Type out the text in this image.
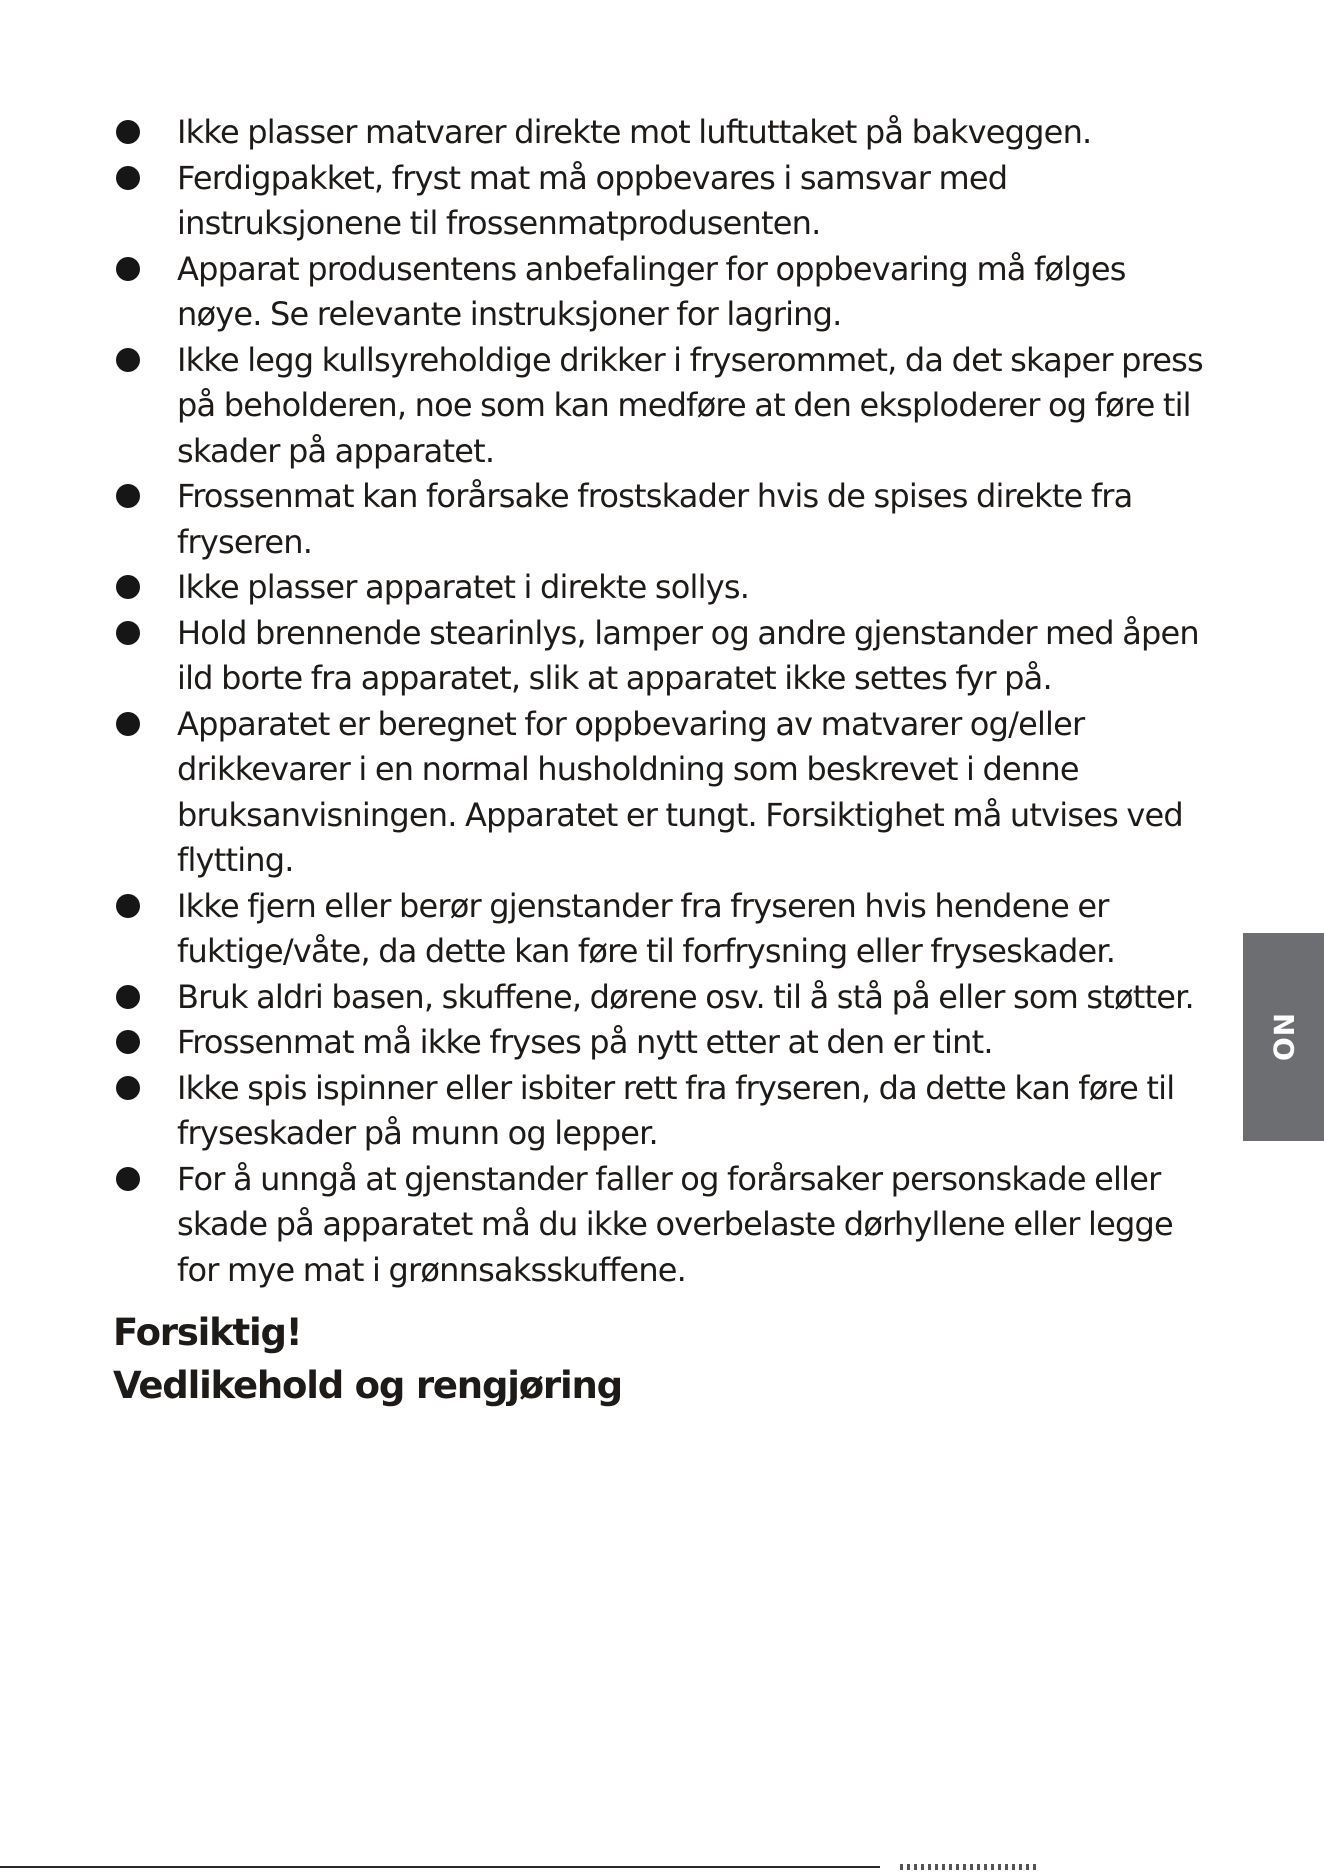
Ikke plasser matvarer direkte mot luftuttaket på bakveggen.
Ferdigpakket, fryst mat må oppbevares i samsvar med instruksjonene til frossenmatprodusenten.
Apparat produsentens anbefalinger for oppbevaring må følges nøye. Se relevante instruksjoner for lagring.
Ikke legg kullsyreholdige drikker i fryserommet, da det skaper press på beholderen, noe som kan medføre at den eksploderer og føre til skader på apparatet.
Frossenmat kan forårsake frostskader hvis de spises direkte fra fryseren.
Ikke plasser apparatet i direkte sollys.
Hold brennende stearinlys, lamper og andre gjenstander med åpen ild borte fra apparatet, slik at apparatet ikke settes fyr på.
Apparatet er beregnet for oppbevaring av matvarer og/eller drikkevarer i en normal husholdning som beskrevet i denne bruksanvisningen. Apparatet er tungt. Forsiktighet må utvises ved flytting.
Ikke fjern eller berør gjenstander fra fryseren hvis hendene er fuktige/våte, da dette kan føre til forfrysning eller fryseskader.
Bruk aldri basen, skuffene, dørene osv. til å stå på eller som støtter.
Frossenmat må ikke fryses på nytt etter at den er tint.
Ikke spis ispinner eller isbiter rett fra fryseren, da dette kan føre til fryseskader på munn og lepper.
For å unngå at gjenstander faller og forårsaker personskade eller skade på apparatet må du ikke overbelaste dørhyllene eller legge for mye mat i grønnsaksskuffene.
Forsiktig!
Vedlikehold og rengjøring
NO
